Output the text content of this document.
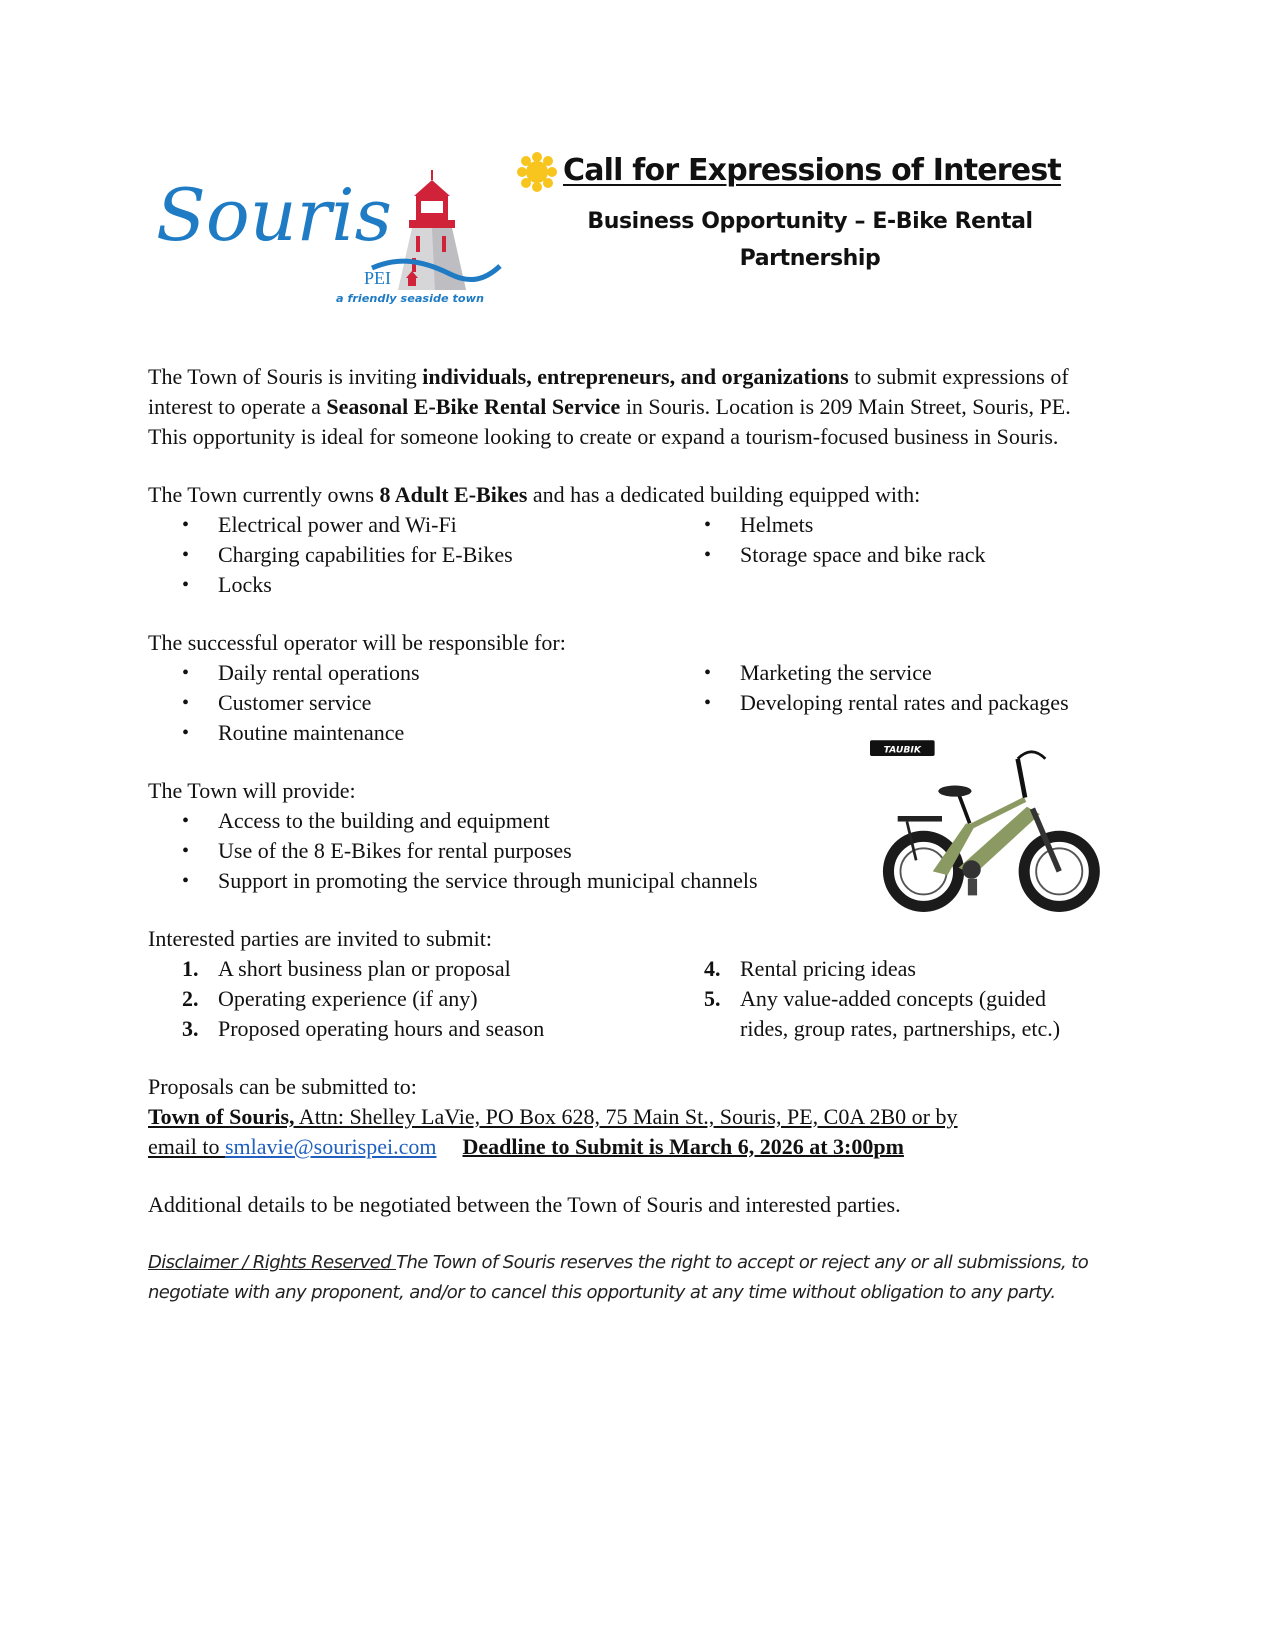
Souris
PEI
a friendly seaside town
Call for Expressions of Interest
Business Opportunity – E-Bike Rental Partnership

The Town of Souris is inviting individuals, entrepreneurs, and organizations to submit expressions of interest to operate a Seasonal E-Bike Rental Service in Souris. Location is 209 Main Street, Souris, PE. This opportunity is ideal for someone looking to create or expand a tourism-focused business in Souris.

The Town currently owns 8 Adult E-Bikes and has a dedicated building equipped with:

• Electrical power and Wi-Fi
• Charging capabilities for E-Bikes
• Locks
• Helmets
• Storage space and bike rack

The successful operator will be responsible for:

• Daily rental operations
• Customer service
• Routine maintenance
• Marketing the service
• Developing rental rates and packages

The Town will provide:

• Access to the building and equipment
• Use of the 8 E-Bikes for rental purposes
• Support in promoting the service through municipal channels
TAUBIK

Interested parties are invited to submit:

1. A short business plan or proposal
2. Operating experience (if any)
3. Proposed operating hours and season
4. Rental pricing ideas
5. Any value-added concepts (guided
rides, group rates, partnerships, etc.)

Proposals can be submitted to:

Town of Souris, Attn: Shelley LaVie, PO Box 628, 75 Main St., Souris, PE, C0A 2B0 or by

email to smlavie@sourispei.com Deadline to Submit is March 6, 2026 at 3:00pm

Additional details to be negotiated between the Town of Souris and interested parties.

Disclaimer / Rights Reserved The Town of Souris reserves the right to accept or reject any or all submissions, to negotiate with any proponent, and/or to cancel this opportunity at any time without obligation to any party.
